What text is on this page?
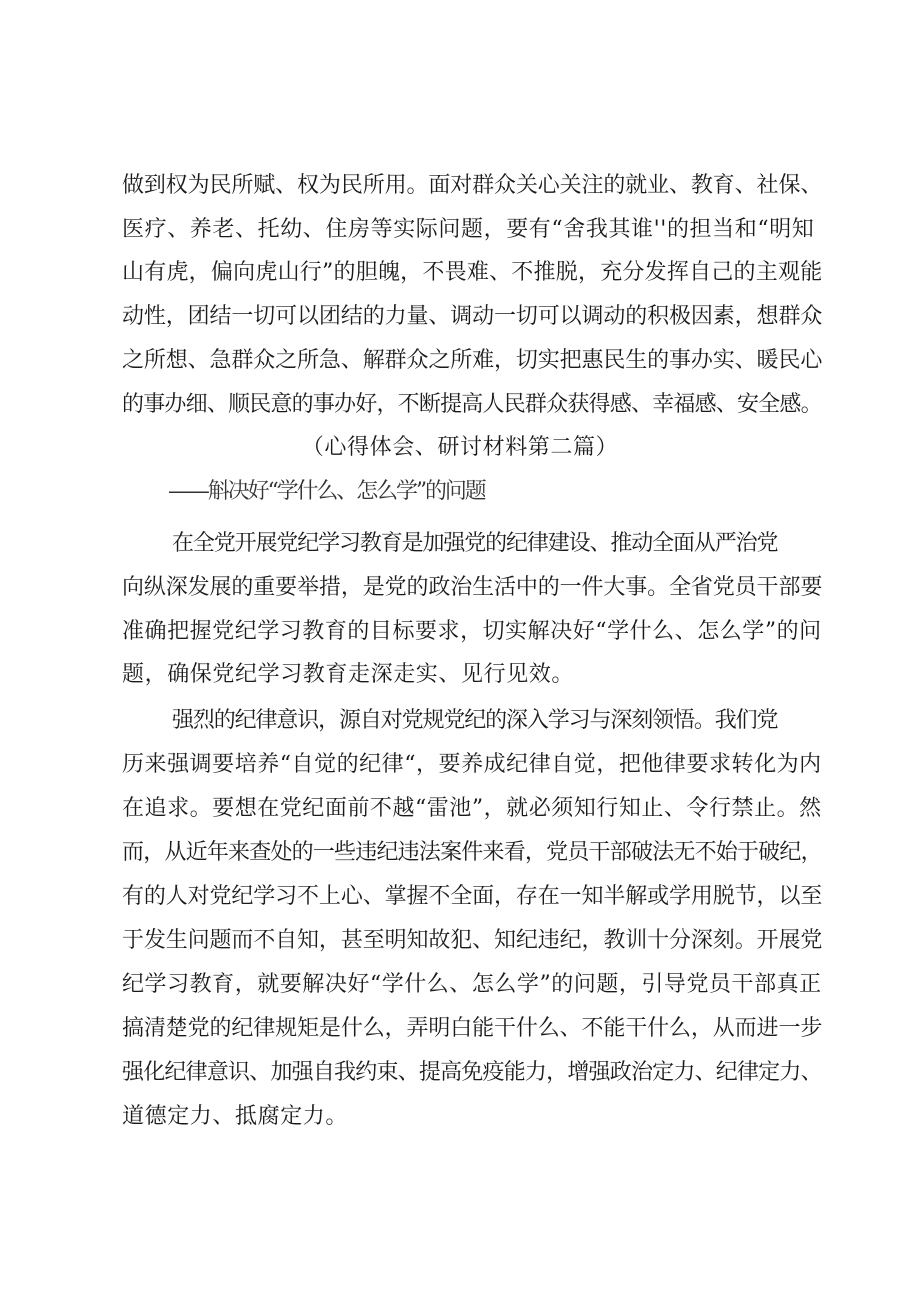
做到权为民所赋、权为民所用。面对群众关心关注的就业、教育、社保、
医疗、养老、托幼、住房等实际问题，要有“舍我其谁''的担当和“明知
山有虎，偏向虎山行”的胆魄，不畏难、不推脱，充分发挥自己的主观能
动性，团结一切可以团结的力量、调动一切可以调动的积极因素，想群众
之所想、急群众之所急、解群众之所难，切实把惠民生的事办实、暖民心
的事办细、顺民意的事办好，不断提高人民群众获得感、幸福感、安全感。
（心得体会、研讨材料第二篇）
——斛决好“学什么、怎么学”的问题
在全党开展党纪学习教育是加强党的纪律建设、推动全面从严治党
向纵深发展的重要举措，是党的政治生活中的一件大事。全省党员干部要
准确把握党纪学习教育的目标要求，切实解决好“学什么、怎么学”的问
题，确保党纪学习教育走深走实、见行见效。
强烈的纪律意识，源自对党规党纪的深入学习与深刻领悟。我们党
历来强调要培养“自觉的纪律“，要养成纪律自觉，把他律要求转化为内
在追求。要想在党纪面前不越“雷池”，就必须知行知止、令行禁止。然
而，从近年来查处的一些违纪违法案件来看，党员干部破法无不始于破纪，
有的人对党纪学习不上心、掌握不全面，存在一知半解或学用脱节，以至
于发生问题而不自知，甚至明知故犯、知纪违纪，教训十分深刻。开展党
纪学习教育，就要解决好“学什么、怎么学”的问题，引导党员干部真正
搞清楚党的纪律规矩是什么，弄明白能干什么、不能干什么，从而进一步
强化纪律意识、加强自我约束、提高免疫能力，增强政治定力、纪律定力、
道德定力、抵腐定力。
